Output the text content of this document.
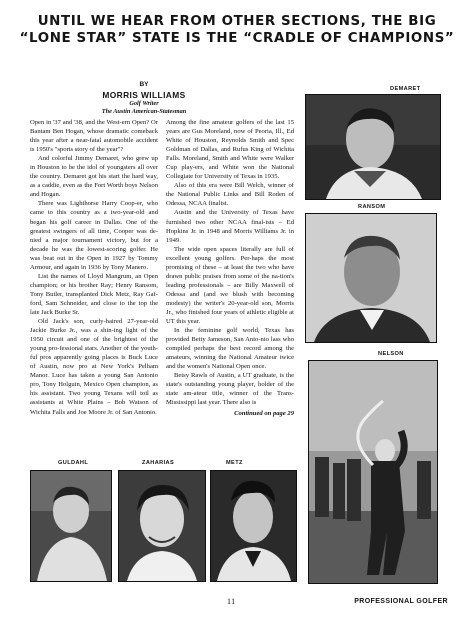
UNTIL WE HEAR FROM OTHER SECTIONS, THE BIG
“LONE STAR” STATE IS THE “CRADLE OF CHAMPIONS”
BY
MORRIS WILLIAMS
Golf Writer
The Austin American-Statesman

Open in '37 and '38, and the West-ern Open? Or Bantam Ben Hogan, whose dramatic comeback this year after a near-fatal automobile accident is 1950's "sports story of the year"?

And colorful Jimmy Demaret, who grew up in Houston to be the idol of youngsters all over the country. Demaret got his start the hard way, as a caddie, even as the Fort Worth boys Nelson and Hogan.

There was Lighthorse Harry Coop-er, who came to this country as a two-year-old and began his golf career in Dallas. One of the greatest swingers of all time, Cooper was de-nied a major tournament victory, but for a decade he was the lowest-scoring golfer. He was beat out in the Open in 1927 by Tommy Armour, and again in 1936 by Tony Manero.

List the names of Lloyd Mangrum, an Open champion; or his brother Ray; Henry Ransom, Tony Butler, transplanted Dick Metz, Ray Gaf-ford, Sam Schneider, and close to the top the late Jack Burke Sr.

Old Jack's son, curly-haired 27-year-old Jackie Burke Jr., was a shin-ing light of the 1950 circuit and one of the brightest of the young pro-fessional stars. Another of the youth-ful pros apparently going places is Buck Luce of Austin, now pro at New York's Pelham Manor. Luce has taken a young San Antonio pro, Tony Holguin, Mexico Open champion, as his assistant. Two young Texans will toil as assistants at White Plains – Bob Watson of Wichita Falls and Joe Moore Jr. of San Antonio.

Among the fine amateur golfers of the last 15 years are Gus Moreland, now of Peoria, Ill., Ed White of Houston, Reynolds Smith and Spec Goldman of Dallas, and Rufus King of Wichita Falls. Moreland, Smith and White were Walker Cup play-ers, and White won the National Collegiate for University of Texas in 1935.

Also of this era were Bill Welch, winner of the National Public Links and Bill Roden of Odessa, NCAA finalist.

Austin and the University of Texas have furnished two other NCAA final-ists – Ed Hopkins Jr. in 1948 and Morris Williams Jr. in 1949.

The wide open spaces literally are full of excellent young golfers. Per-haps the most promising of these – at least the two who have drawn public praises from some of the na-tion's leading professionals – are Billy Maxwell of Odessa and (and we blush with becoming modesty) the writer's 20-year-old son, Morris Jr., who finished four years of athletic eligible at UT this year.

In the feminine golf world, Texas has provided Betty Jameson, San Anto-nio lass who compiled perhaps the best record among the amateurs, winning the National Amateur twice and the women's National Open once.

Betsy Rawls of Austin, a UT graduate, is the state's outstanding young player, holder of the state am-ateur title, winner of the Trans-Mississippi last year. There also is

Continued on page 29
DEMARET
RANSOM
NELSON
GULDAHL	ZAHARIAS	METZ
11	PROFESSIONAL GOLFER
